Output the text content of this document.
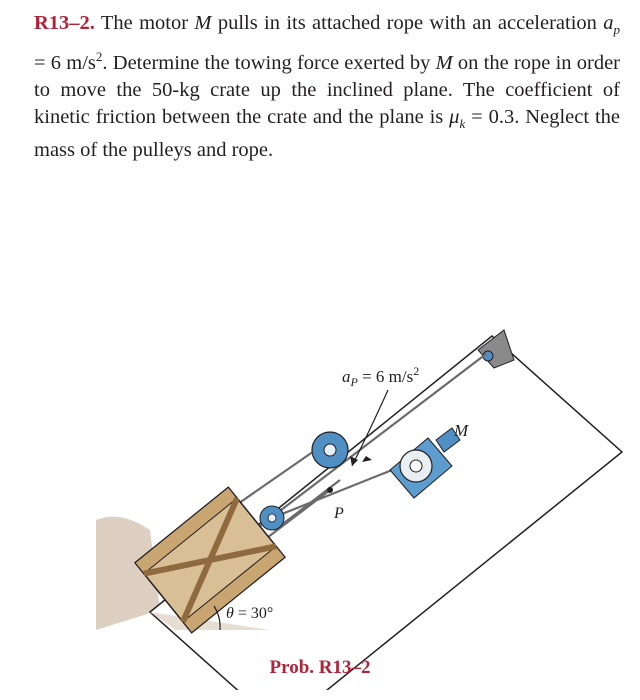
R13–2. The motor M pulls in its attached rope with an acceleration $a_p = 6$ $m/s^2$. Determine the towing force exerted by M on the rope in order to move the 50-kg crate up the inclined plane. The coefficient of kinetic friction between the crate and the plane is $\mu_k = 0.3$. Neglect the mass of the pulleys and rope.
$a_P = 6$ $m/s^2$
M
P
θ = 30°
Prob. R13–2
